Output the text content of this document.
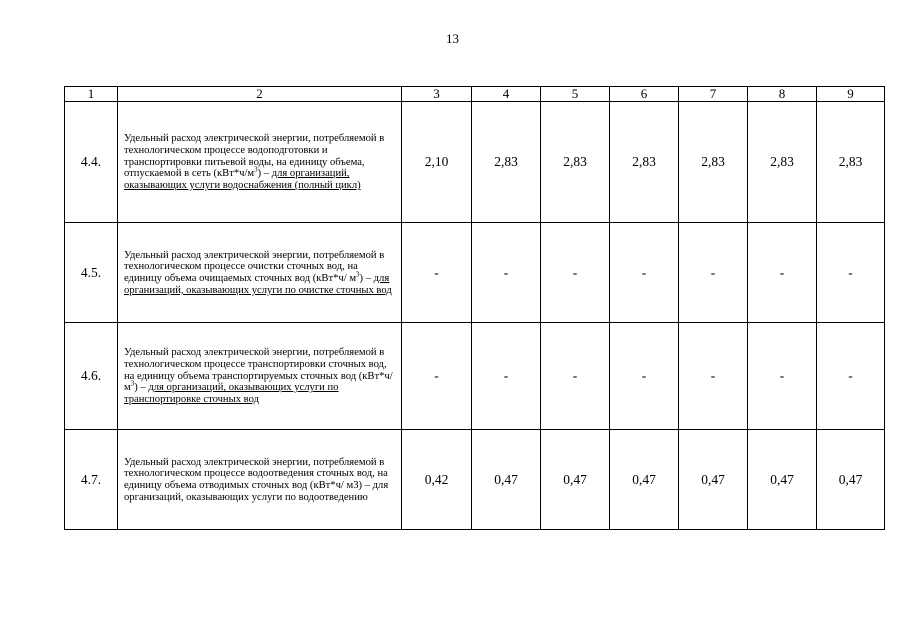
13
1	2	3	4	5	6	7	8	9
4.4.	Удельный расход электрической энергии, потребляемой в технологическом процессе водоподготовки и транспортировки питьевой воды, на единицу объема, отпускаемой в сеть $(кВт*ч/м^3)$ – для организаций, оказывающих услуги водоснабжения (полный цикл)	2,10	2,83	2,83	2,83	2,83	2,83	2,83
4.5.	Удельный расход электрической энергии, потребляемой в технологическом процессе очистки сточных вод, на единицу объема очищаемых сточных вод (кВт*ч/ $м^3$) – для организаций, оказывающих услуги по очистке сточных вод	-	-	-	-	-	-	-
4.6.	Удельный расход электрической энергии, потребляемой в технологическом процессе транспортировки сточных вод, на единицу объема транспортируемых сточных вод (кВт*ч/ $м^3$) – для организаций, оказывающих услуги по транспортировке сточных вод	-	-	-	-	-	-	-
4.7.	Удельный расход электрической энергии, потребляемой в технологическом процессе водоотведения сточных вод, на единицу объема отводимых сточных вод (кВт*ч/ м3) – для организаций, оказывающих услуги по водоотведению	0,42	0,47	0,47	0,47	0,47	0,47	0,47
